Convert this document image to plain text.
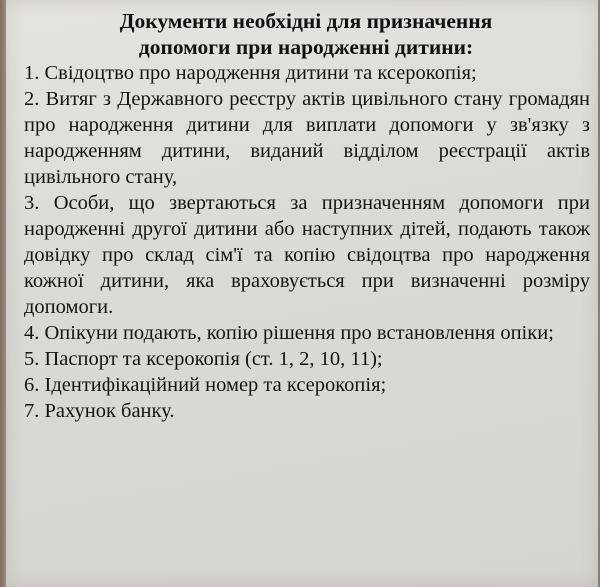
Документи необхідні для призначення
допомоги при народженні дитини:
1. Свідоцтво про народження дитини та ксерокопія;
2. Витяг з Державного реєстру актів цивільного стану громадян про народження дитини для виплати допомоги у зв'язку з народженням дитини, виданий відділом реєстрації актів цивільного стану,
3. Особи, що звертаються за призначенням допомоги при народженні другої дитини або наступних дітей, подають також довідку про склад сім'ї та копію свідоцтва про народження кожної дитини, яка враховується при визначенні розміру допомоги.
4. Опікуни подають, копію рішення про встановлення опіки;
5. Паспорт та ксерокопія (ст. 1, 2, 10, 11);
6. Ідентифікаційний номер та ксерокопія;
7. Рахунок банку.
